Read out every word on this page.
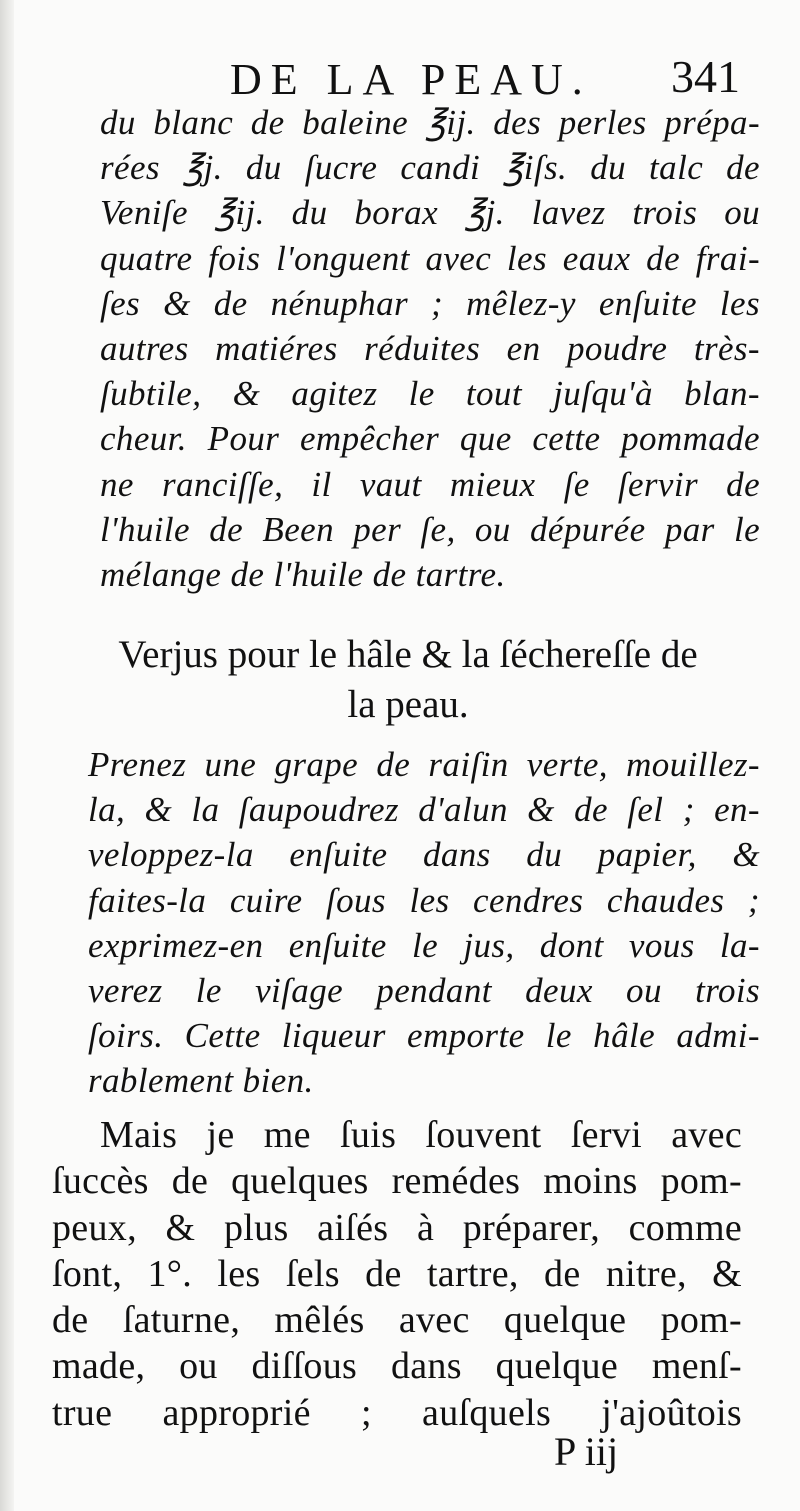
DE LA PEAU. 341
du blanc de baleine ℥ij. des perles prépa-
rées ℥j. du ſucre candi ℥iſs. du talc de
Veniſe ℥ij. du borax ℥j. lavez trois ou
quatre fois l'onguent avec les eaux de frai-
ſes & de nénuphar ; mêlez-y enſuite les
autres matiéres réduites en poudre très-
ſubtile, & agitez le tout juſqu'à blan-
cheur. Pour empêcher que cette pommade
ne ranciſſe, il vaut mieux ſe ſervir de
l'huile de Been per ſe, ou dépurée par le
mélange de l'huile de tartre.
Verjus pour le hâle & la ſécherеſſe de
la peau.
Prenez une grape de raiſin verte, mouillez-
la, & la ſaupoudrez d'alun & de ſel ; en-
veloppez-la enſuite dans du papier, &
faites-la cuire ſous les cendres chaudes ;
exprimez-en enſuite le jus, dont vous la-
verez le viſage pendant deux ou trois
ſoirs. Cette liqueur emporte le hâle admi-
rablement bien.
Mais je me ſuis ſouvent ſervi avec
ſuccès de quelques remédes moins pom-
peux, & plus aiſés à préparer, comme
ſont, 1°. les ſels de tartre, de nitre, &
de ſaturne, mêlés avec quelque pom-
made, ou diſſous dans quelque menſ-
true approprié ; auſquels j'ajoûtois
P iij
